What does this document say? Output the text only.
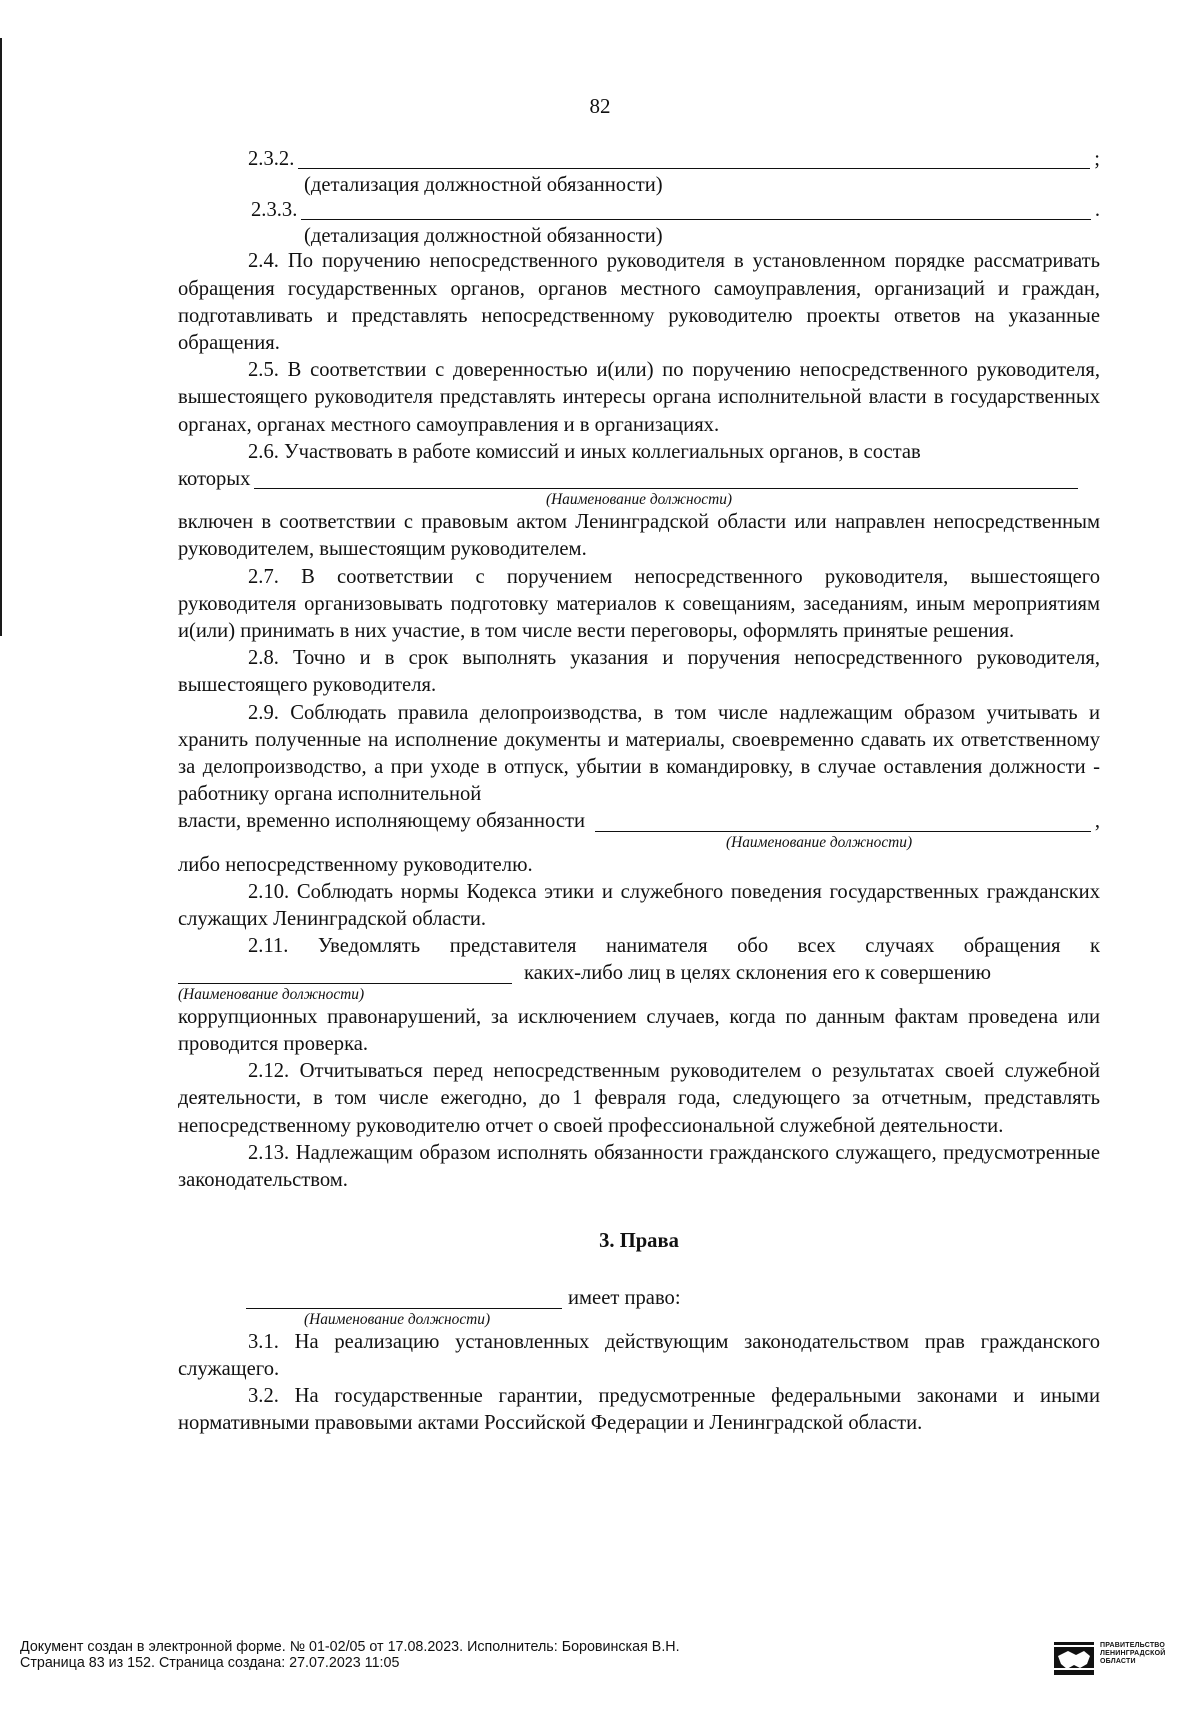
82
2.3.2.	;
(детализация должностной обязанности)
2.3.3.	.
(детализация должностной обязанности)

2.4. По поручению непосредственного руководителя в установленном порядке рассматривать обращения государственных органов, органов местного самоуправления, организаций и граждан, подготавливать и представлять непосредственному руководителю проекты ответов на указанные обращения.

2.5. В соответствии с доверенностью и(или) по поручению непосредственного руководителя, вышестоящего руководителя представлять интересы органа исполнительной власти в государственных органах, органах местного самоуправления и в организациях.

2.6. Участвовать в работе комиссий и иных коллегиальных органов, в состав

которых
(Наименование должности)

включен в соответствии с правовым актом Ленинградской области или направлен непосредственным руководителем, вышестоящим руководителем.

2.7. В соответствии с поручением непосредственного руководителя, вышестоящего руководителя организовывать подготовку материалов к совещаниям, заседаниям, иным мероприятиям и(или) принимать в них участие, в том числе вести переговоры, оформлять принятые решения.

2.8. Точно и в срок выполнять указания и поручения непосредственного руководителя, вышестоящего руководителя.

2.9. Соблюдать правила делопроизводства, в том числе надлежащим образом учитывать и хранить полученные на исполнение документы и материалы, своевременно сдавать их ответственному за делопроизводство, а при уходе в отпуск, убытии в командировку, в случае оставления должности - работнику органа исполнительной

власти, временно исполняющему обязанности	,
(Наименование должности)

либо непосредственному руководителю.

2.10. Соблюдать нормы Кодекса этики и служебного поведения государственных гражданских служащих Ленинградской области.

2.11. Уведомлять представителя нанимателя обо всех случаях обращения к

каких-либо лиц в целях склонения его к совершению
(Наименование должности)

коррупционных правонарушений, за исключением случаев, когда по данным фактам проведена или проводится проверка.

2.12. Отчитываться перед непосредственным руководителем о результатах своей служебной деятельности, в том числе ежегодно, до 1 февраля года, следующего за отчетным, представлять непосредственному руководителю отчет о своей профессиональной служебной деятельности.

2.13. Надлежащим образом исполнять обязанности гражданского служащего, предусмотренные законодательством.

3. Права
имеет право:
(Наименование должности)

3.1. На реализацию установленных действующим законодательством прав гражданского служащего.

3.2. На государственные гарантии, предусмотренные федеральными законами и иными нормативными правовыми актами Российской Федерации и Ленинградской области.

Документ создан в электронной форме. № 01-02/05 от 17.08.2023. Исполнитель: Боровинская В.Н.
Страница 83 из 152. Страница создана: 27.07.2023 11:05
ПРАВИТЕЛЬСТВО
ЛЕНИНГРАДСКОЙ
ОБЛАСТИ
